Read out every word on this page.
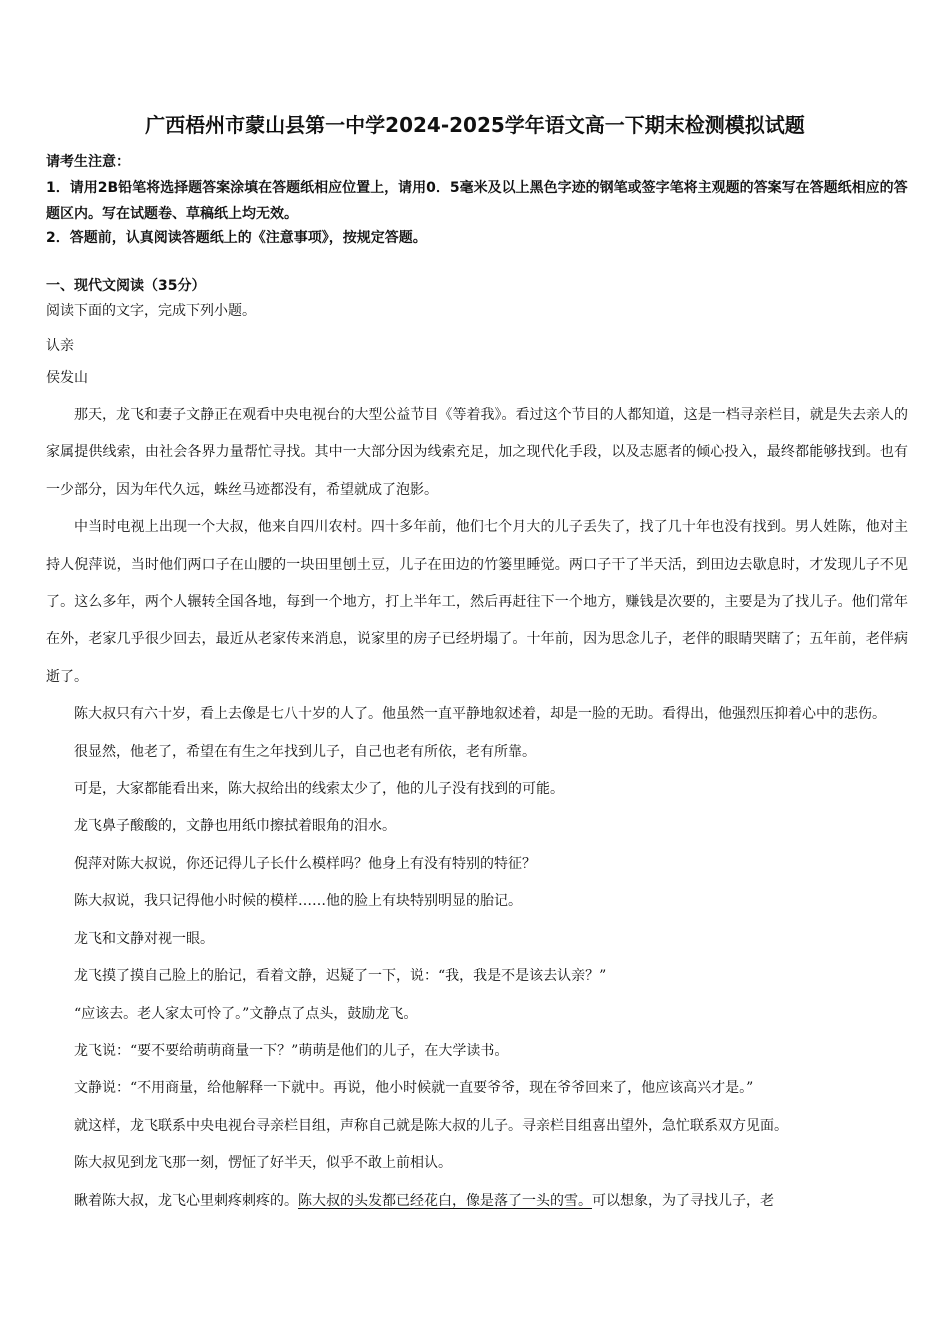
广西梧州市蒙山县第一中学2024-2025学年语文高一下期末检测模拟试题
请考生注意：
1．请用2B铅笔将选择题答案涂填在答题纸相应位置上，请用0．5毫米及以上黑色字迹的钢笔或签字笔将主观题的答案写在答题纸相应的答题区内。写在试题卷、草稿纸上均无效。
2．答题前，认真阅读答题纸上的《注意事项》，按规定答题。
一、现代文阅读（35分）
阅读下面的文字，完成下列小题。
认亲
侯发山

那天，龙飞和妻子文静正在观看中央电视台的大型公益节目《等着我》。看过这个节目的人都知道，这是一档寻亲栏目，就是失去亲人的家属提供线索，由社会各界力量帮忙寻找。其中一大部分因为线索充足，加之现代化手段，以及志愿者的倾心投入，最终都能够找到。也有一少部分，因为年代久远，蛛丝马迹都没有，希望就成了泡影。

中当时电视上出现一个大叔，他来自四川农村。四十多年前，他们七个月大的儿子丢失了，找了几十年也没有找到。男人姓陈，他对主持人倪萍说，当时他们两口子在山腰的一块田里刨土豆，儿子在田边的竹篓里睡觉。两口子干了半天活，到田边去歇息时，才发现儿子不见了。这么多年，两个人辗转全国各地，每到一个地方，打上半年工，然后再赶往下一个地方，赚钱是次要的，主要是为了找儿子。他们常年在外，老家几乎很少回去，最近从老家传来消息，说家里的房子已经坍塌了。十年前，因为思念儿子，老伴的眼睛哭瞎了；五年前，老伴病逝了。

陈大叔只有六十岁，看上去像是七八十岁的人了。他虽然一直平静地叙述着，却是一脸的无助。看得出，他强烈压抑着心中的悲伤。

很显然，他老了，希望在有生之年找到儿子，自己也老有所依，老有所靠。

可是，大家都能看出来，陈大叔给出的线索太少了，他的儿子没有找到的可能。

龙飞鼻子酸酸的，文静也用纸巾擦拭着眼角的泪水。

倪萍对陈大叔说，你还记得儿子长什么模样吗？他身上有没有特别的特征？

陈大叔说，我只记得他小时候的模样……他的脸上有块特别明显的胎记。

龙飞和文静对视一眼。

龙飞摸了摸自己脸上的胎记，看着文静，迟疑了一下，说：“我，我是不是该去认亲？”

“应该去。老人家太可怜了。”文静点了点头，鼓励龙飞。

龙飞说：“要不要给萌萌商量一下？”萌萌是他们的儿子，在大学读书。

文静说：“不用商量，给他解释一下就中。再说，他小时候就一直要爷爷，现在爷爷回来了，他应该高兴才是。”

就这样，龙飞联系中央电视台寻亲栏目组，声称自己就是陈大叔的儿子。寻亲栏目组喜出望外，急忙联系双方见面。

陈大叔见到龙飞那一刻，愣怔了好半天，似乎不敢上前相认。

瞅着陈大叔，龙飞心里刺疼刺疼的。陈大叔的头发都已经花白，像是落了一头的雪。可以想象，为了寻找儿子，老
